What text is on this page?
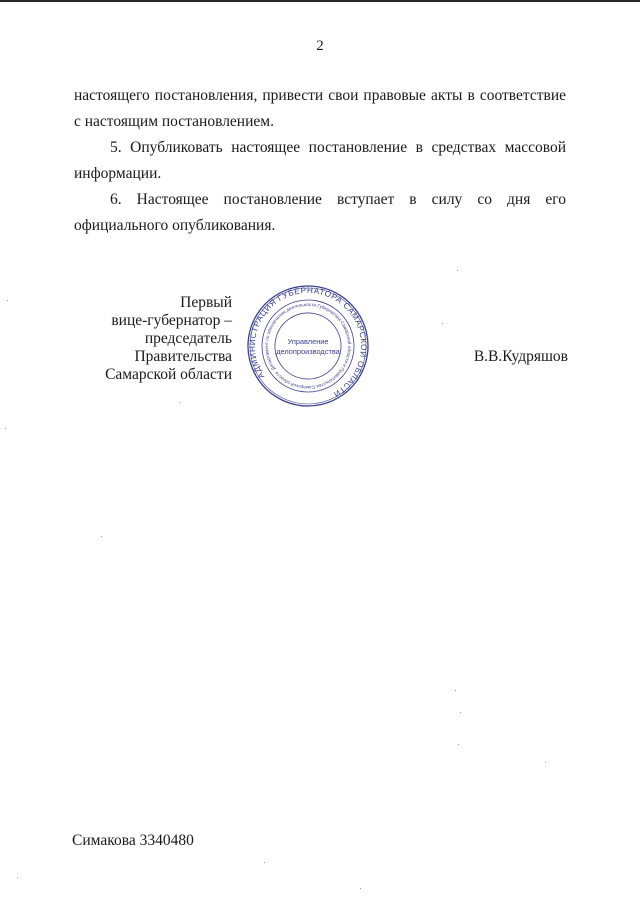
2
настоящего постановления, привести свои правовые акты в соответствие с настоящим постановлением.
5. Опубликовать настоящее постановление в средствах массовой информации.
6. Настоящее постановление вступает в силу со дня его официального опубликования.
Первый
вице-губернатор –
председатель Правительства
Самарской области	АДМИНИСТРАЦИЯ ГУБЕРНАТОРА САМАРСКОЙ ОБЛАСТИ
Департамент по обеспечению деятельности Губернатора Самарской области и Правительства Самарской области
Управление
делопроизводства	В.В.Кудряшов
Симакова 3340480
